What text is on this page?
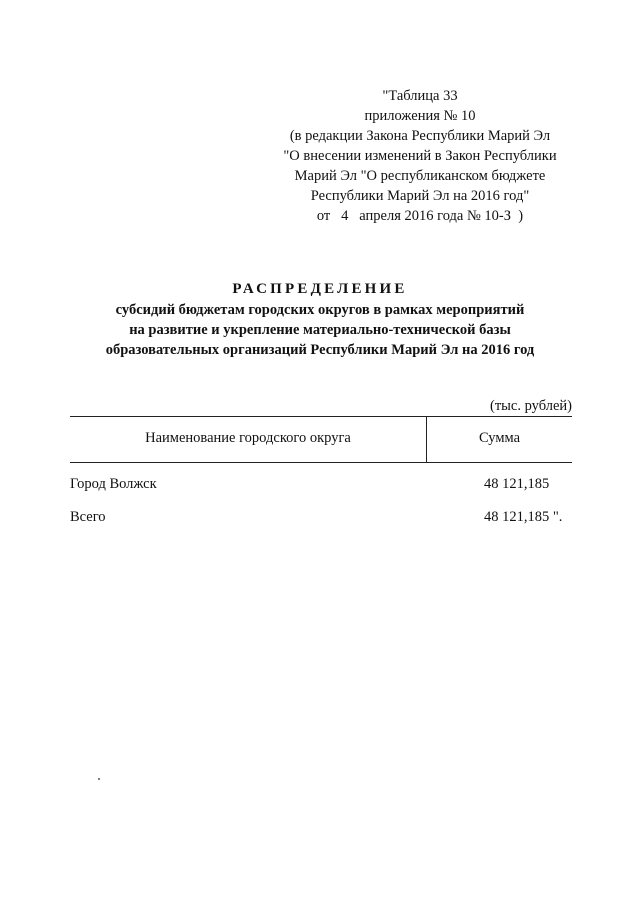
"Таблица 33
приложения № 10
(в редакции Закона Республики Марий Эл
"О внесении изменений в Закон Республики
Марий Эл "О республиканском бюджете
Республики Марий Эл на 2016 год"
от   4   апреля 2016 года № 10-З  )
РАСПРЕДЕЛЕНИЕ
субсидий бюджетам городских округов в рамках мероприятий
на развитие и укрепление материально-технической базы
образовательных организаций Республики Марий Эл на 2016 год
(тыс. рублей)
Наименование городского округа	Сумма
Город Волжск	48 121,185
Всего	48 121,185 ".
